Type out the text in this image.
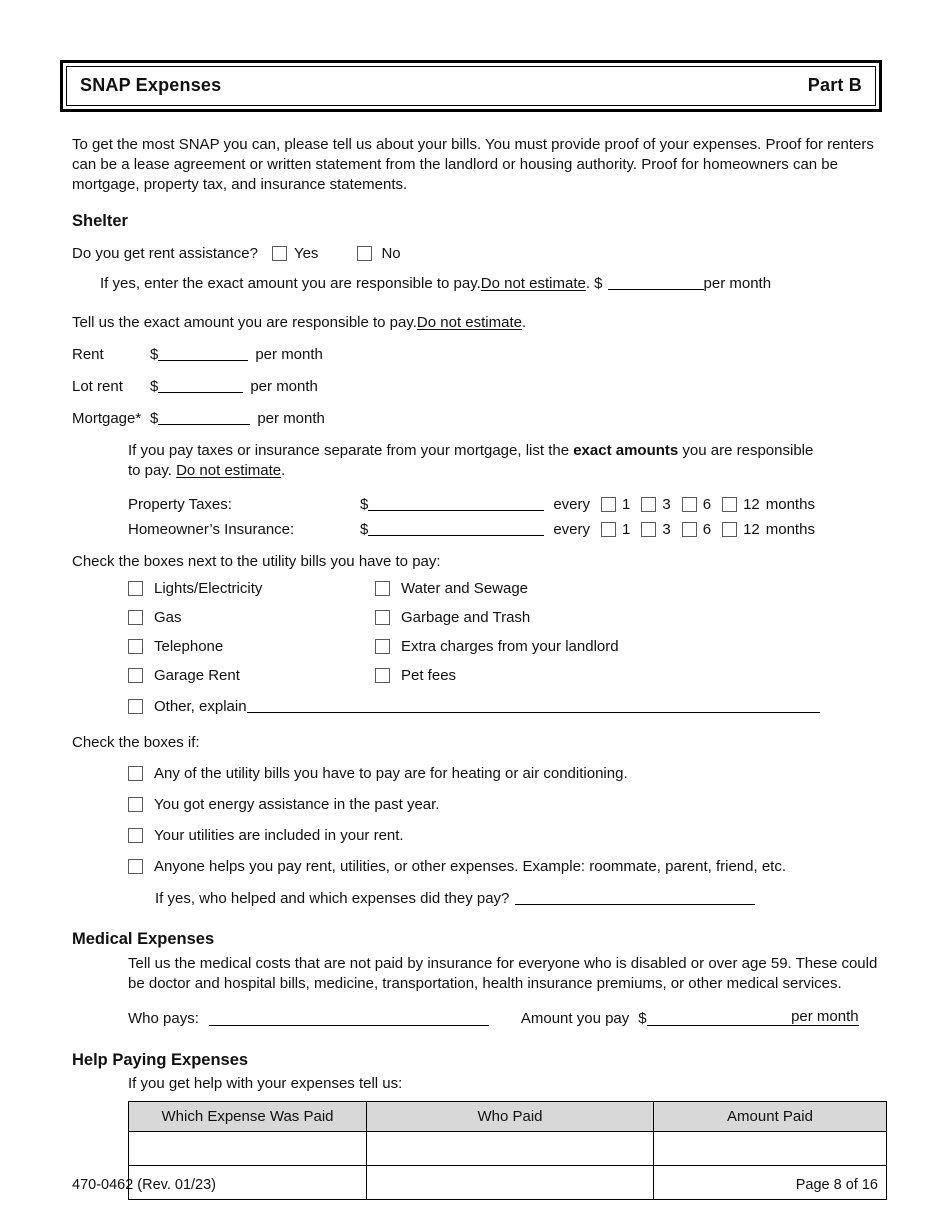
SNAP Expenses	Part B

To get the most SNAP you can, please tell us about your bills. You must provide proof of your expenses. Proof for renters can be a lease agreement or written statement from the landlord or housing authority. Proof for homeowners can be mortgage, property tax, and insurance statements.

Shelter
Do you get rent assistance? Yes	No
If yes, enter the exact amount you are responsible to pay. Do not estimate . $	per month
Tell us the exact amount you are responsible to pay. Do not estimate .
Rent	$	per month
Lot rent	$	per month
Mortgage* $	per month

If you pay taxes or insurance separate from your mortgage, list the exact amounts you are responsible to pay. Do not estimate.

Property Taxes:	$	every 1 3 6 12 months
Homeowner’s Insurance:	$	every 1 3 6 12 months
Check the boxes next to the utility bills you have to pay:
Lights/Electricity	Water and Sewage
Gas	Garbage and Trash
Telephone	Extra charges from your landlord
Garage Rent	Pet fees
Other, explain
Check the boxes if:
Any of the utility bills you have to pay are for heating or air conditioning.
You got energy assistance in the past year.
Your utilities are included in your rent.
Anyone helps you pay rent, utilities, or other expenses. Example: roommate, parent, friend, etc.
If yes, who helped and which expenses did they pay?
Medical Expenses

Tell us the medical costs that are not paid by insurance for everyone who is disabled or over age 59. These could be doctor and hospital bills, medicine, transportation, health insurance premiums, or other medical services.

Who pays:	Amount you pay $	per month
Help Paying Expenses
If you get help with your expenses tell us:
Which Expense Was Paid	Who Paid	Amount Paid

470-0462 (Rev. 01/23)	Page 8 of 16
